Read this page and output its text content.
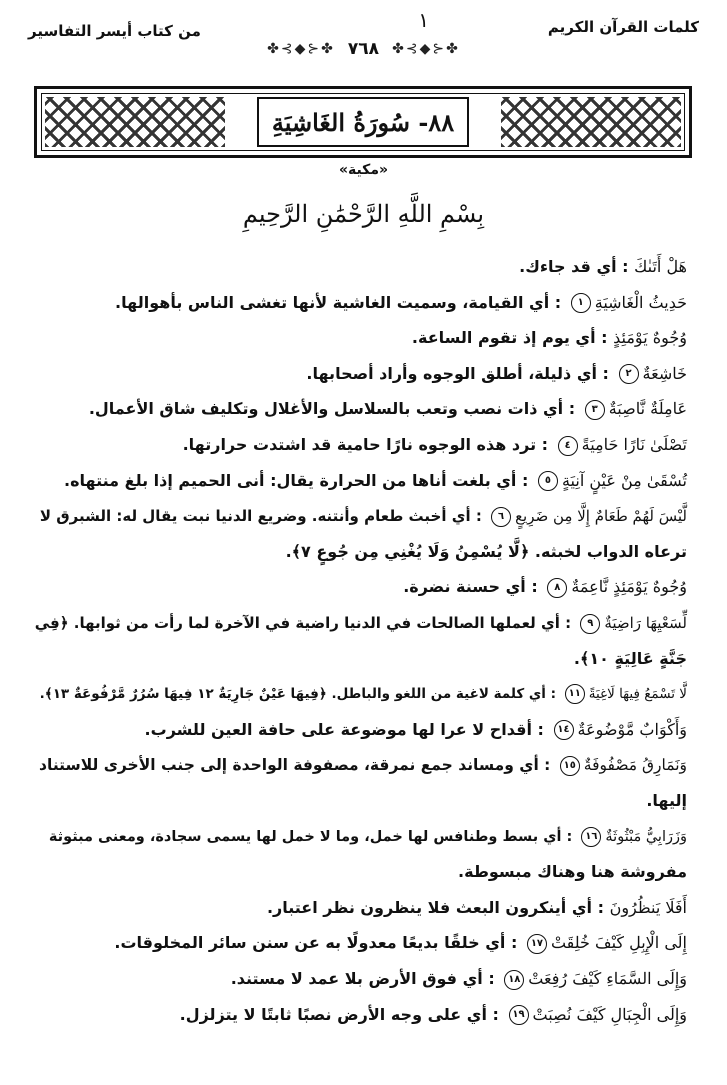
كلمات القرآن الكريم
١
من كتاب أيسر التفاسير
✤⊰◆⊱✤ ٧٦٨ ✤⊰◆⊱✤
٨٨- سُورَةُ الغَاشِيَةِ
«مكية»
بِسْمِ اللَّهِ الرَّحْمَٰنِ الرَّحِيمِ
هَلْ أَتَىٰكَ : أي قد جاءك.
حَدِيثُ الْغَاشِيَةِ١ : أي القيامة، وسميت الغاشية لأنها تغشى الناس بأهوالها.
وُجُوهٌ يَوْمَئِذٍ : أي يوم إذ تقوم الساعة.
خَاشِعَةٌ٢ : أي ذليلة، أطلق الوجوه وأراد أصحابها.
عَامِلَةٌ نَّاصِبَةٌ٣ : أي ذات نصب وتعب بالسلاسل والأغلال وتكليف شاق الأعمال.
تَصْلَىٰ نَارًا حَامِيَةً٤ : ترد هذه الوجوه نارًا حامية قد اشتدت حرارتها.
تُسْقَىٰ مِنْ عَيْنٍ آنِيَةٍ٥ : أي بلغت أناها من الحرارة يقال: أنى الحميم إذا بلغ منتهاه.
لَّيْسَ لَهُمْ طَعَامٌ إِلَّا مِن ضَرِيعٍ٦ : أي أخبث طعام وأنتنه. وضريع الدنيا نبت يقال له: الشبرق لا
ترعاه الدواب لخبثه. ﴿لَّا يُسْمِنُ وَلَا يُغْنِي مِن جُوعٍ ٧﴾.
وُجُوهٌ يَوْمَئِذٍ نَّاعِمَةٌ٨ : أي حسنة نضرة.
لِّسَعْيِهَا رَاضِيَةٌ٩ : أي لعملها الصالحات في الدنيا راضية في الآخرة لما رأت من ثوابها. ﴿فِي
جَنَّةٍ عَالِيَةٍ ١٠﴾.
لَّا تَسْمَعُ فِيهَا لَاغِيَةً١١ : أي كلمة لاغية من اللغو والباطل. ﴿فِيهَا عَيْنٌ جَارِيَةٌ ١٢ فِيهَا سُرُرٌ مَّرْفُوعَةٌ ١٣﴾.
وَأَكْوَابٌ مَّوْضُوعَةٌ١٤ : أقداح لا عرا لها موضوعة على حافة العين للشرب.
وَنَمَارِقُ مَصْفُوفَةٌ١٥ : أي ومساند جمع نمرقة، مصفوفة الواحدة إلى جنب الأخرى للاستناد
إليها.
وَزَرَابِيُّ مَبْثُوثَةٌ١٦ : أي بسط وطنافس لها خمل، وما لا خمل لها يسمى سجادة، ومعنى مبثوثة
مفروشة هنا وهناك مبسوطة.
أَفَلَا يَنظُرُونَ : أي أينكرون البعث فلا ينظرون نظر اعتبار.
إِلَى الْإِبِلِ كَيْفَ خُلِقَتْ١٧ : أي خلقًا بديعًا معدولًا به عن سنن سائر المخلوقات.
وَإِلَى السَّمَاءِ كَيْفَ رُفِعَتْ١٨ : أي فوق الأرض بلا عمد لا مستند.
وَإِلَى الْجِبَالِ كَيْفَ نُصِبَتْ١٩ : أي على وجه الأرض نصبًا ثابتًا لا يتزلزل.
